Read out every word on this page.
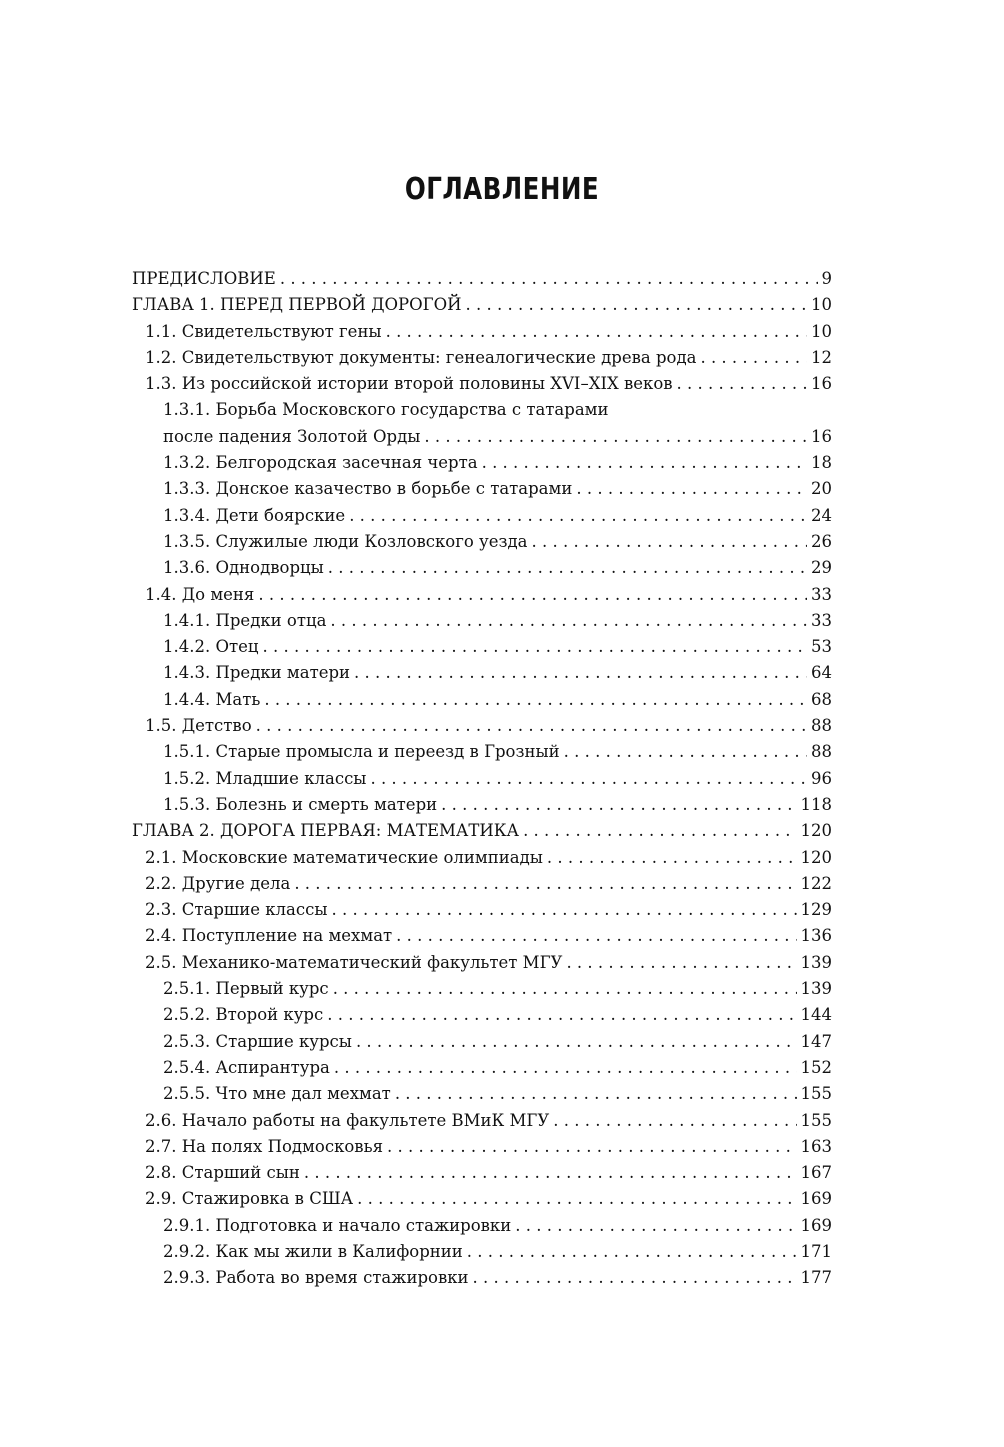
ОГЛАВЛЕНИЕ
ПРЕДИСЛОВИЕ . . .	9
ГЛАВА 1. ПЕРЕД ПЕРВОЙ ДОРОГОЙ . . .	10
1.1. Свидетельствуют гены . . .	10
1.2. Свидетельствуют документы: генеалогические древа рода . . .	12
1.3. Из российской истории второй половины XVI–XIX веков . . .	16
1.3.1. Борьба Московского государства с татарами
после падения Золотой Орды . . .	16
1.3.2. Белгородская засечная черта . . .	18
1.3.3. Донское казачество в борьбе с татарами . . .	20
1.3.4. Дети боярские . . .	24
1.3.5. Служилые люди Козловского уезда . . .	26
1.3.6. Однодворцы . . .	29
1.4. До меня . . .	33
1.4.1. Предки отца . . .	33
1.4.2. Отец . . .	53
1.4.3. Предки матери . . .	64
1.4.4. Мать . . .	68
1.5. Детство . . .	88
1.5.1. Старые промысла и переезд в Грозный . . .	88
1.5.2. Младшие классы . . .	96
1.5.3. Болезнь и смерть матери . . .	118
ГЛАВА 2. ДОРОГА ПЕРВАЯ: МАТЕМАТИКА . . .	120
2.1. Московские математические олимпиады . . .	120
2.2. Другие дела . . .	122
2.3. Старшие классы . . .	129
2.4. Поступление на мехмат . . .	136
2.5. Механико-математический факультет МГУ . . .	139
2.5.1. Первый курс . . .	139
2.5.2. Второй курс . . .	144
2.5.3. Старшие курсы . . .	147
2.5.4. Аспирантура . . .	152
2.5.5. Что мне дал мехмат . . .	155
2.6. Начало работы на факультете ВМиК МГУ . . .	155
2.7. На полях Подмосковья . . .	163
2.8. Старший сын . . .	167
2.9. Стажировка в США . . .	169
2.9.1. Подготовка и начало стажировки . . .	169
2.9.2. Как мы жили в Калифорнии . . .	171
2.9.3. Работа во время стажировки . . .	177
